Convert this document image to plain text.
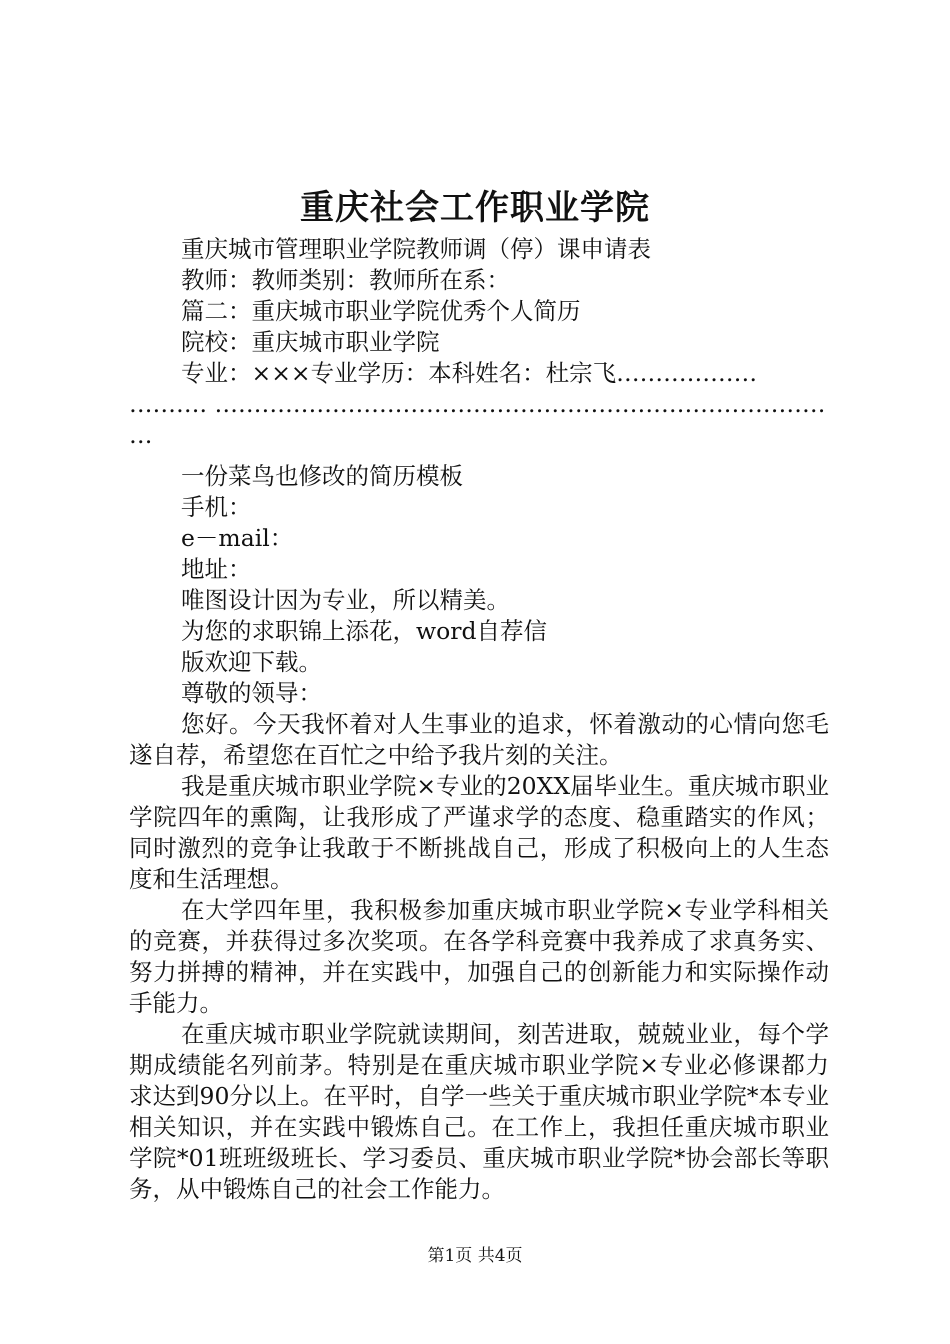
重庆社会工作职业学院
重庆城市管理职业学院教师调（停）课申请表
教师：教师类别：教师所在系：
篇二：重庆城市职业学院优秀个人简历
院校：重庆城市职业学院
专业：×××专业学历：本科姓名：杜宗飞………………
………. ……………………………………………………………………
…
一份菜鸟也修改的简历模板
手机：
e－mail：
地址：
唯图设计因为专业，所以精美。
为您的求职锦上添花，word自荐信
版欢迎下载。
尊敬的领导：
您好。今天我怀着对人生事业的追求，怀着激动的心情向您毛遂自荐，希望您在百忙之中给予我片刻的关注。
我是重庆城市职业学院×专业的20XX届毕业生。重庆城市职业学院四年的熏陶，让我形成了严谨求学的态度、稳重踏实的作风；同时激烈的竞争让我敢于不断挑战自己，形成了积极向上的人生态度和生活理想。
在大学四年里，我积极参加重庆城市职业学院×专业学科相关的竞赛，并获得过多次奖项。在各学科竞赛中我养成了求真务实、努力拼搏的精神，并在实践中，加强自己的创新能力和实际操作动手能力。
在重庆城市职业学院就读期间，刻苦进取，兢兢业业，每个学期成绩能名列前茅。特别是在重庆城市职业学院×专业必修课都力求达到90分以上。在平时，自学一些关于重庆城市职业学院*本专业相关知识，并在实践中锻炼自己。在工作上，我担任重庆城市职业学院*01班班级班长、学习委员、重庆城市职业学院*协会部长等职务，从中锻炼自己的社会工作能力。
第1页 共4页
